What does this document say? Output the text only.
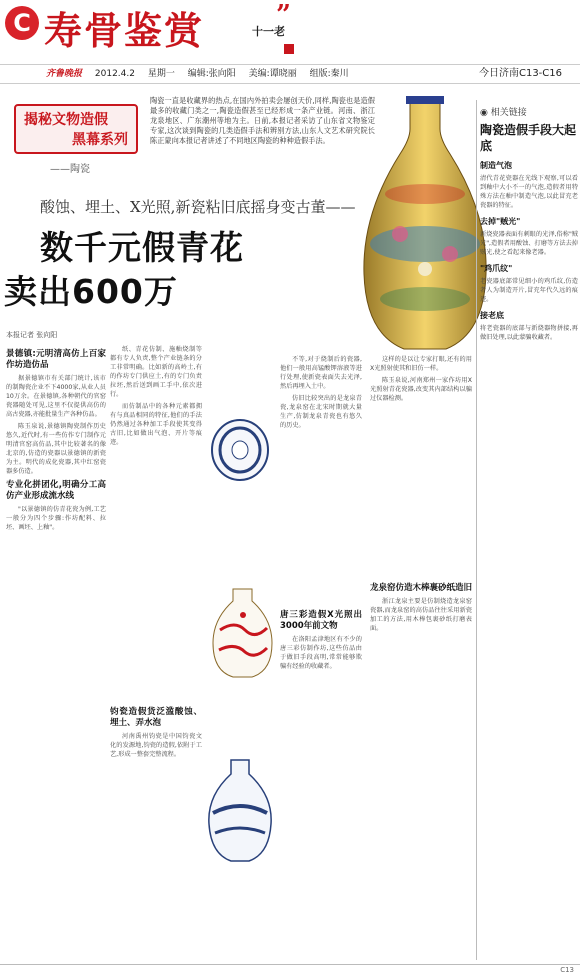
C 寿骨鉴赏	”
十一老
齐鲁晚报 2012.4.2 星期一 编辑:张向阳 美编:谭晓丽 组版:秦川	今日济南C13-C16
揭秘文物造假
黑幕系列
——陶瓷
陶瓷一直是收藏界的热点,在国内外拍卖会屡创天价,同样,陶瓷也是造假最多的收藏门类之一,陶瓷造假甚至已经形成一条产业链。河南、浙江龙泉地区、广东潮州等地为主。日前,本报记者采访了山东省文物鉴定专家,这次谈到陶瓷的几类造假手法和辨别方法,山东人文艺术研究院长陈正蒙向本报记者讲述了不同地区陶瓷的种种造假手法。
酸蚀、埋土、X光照,新瓷粘旧底摇身变古董——
数千元假青花
卖出600万
本报记者 张向阳
景德镇:元明清高仿上百家作坊造仿品

据景德镇市有关部门统计,该市的制陶瓷企业不下4000家,从业人员10万余。在景德镇,各种朝代的官窑瓷器随处可见,这里不仅提供高仿的高古瓷器,亦能批量生产各种仿品。

陈玉泉说,景德镇陶瓷制作历史悠久,近代时,有一些仿作专门制作元明清官窑高仿品,其中比较著名的像北京的,仿造的瓷器以景德镇的新瓷为主。明代的成化瓷器,其中红窑瓷器多仿造。

专业化拼团化,明确分工高仿产业形成流水线

"以景德镇的仿青花瓷为例,工艺一般分为四个步骤:作坊配料、拉坯、画坯、上釉"。

纸、青花仿制、施釉烧制等都有专人负责,整个产业链条的分工非常明确。比如新的高岭土,有的作坊专门供应土,有的专门负责拉坯,然后送到画工手中,依次进行。

而仿制品中的各种元素都拥有与真品相同的特征,他们的手法仍然通过各种加工手段使其变得古旧,比如做出气泡、开片等痕迹。

钧瓷造假货泛滥酸蚀、埋土、弄水泡

河南禹州钧瓷是中国钧瓷文化的发源地,钧瓷的造假,依附于工艺,形成一整套完整流程。

不等,对于烧制后的瓷器,他们一般用高锰酸钾溶液等进行处理,使新瓷表面失去光泽,然后再埋入土中。

仿旧比较突出的是龙泉青瓷,龙泉窑在北宋时期就大量生产,仿制龙泉青瓷也有悠久的历史。

唐三彩造假X光照出3000年前文物

在洛阳孟津地区有不少的唐三彩仿制作坊,这些仿品由于做旧手段高明,常常能够欺骗有经验的收藏者。

这样的是以让专家打眼,还有的用X光照射使其和旧仿一样。

陈玉泉说,河南郑州一家作坊用X光照射青花瓷器,改变其内部结构以骗过仪器检测。

龙泉窑仿造木棒裹砂纸造旧

浙江龙泉主要是仿制烧造龙泉窑瓷器,而龙泉窑的高仿品往往采用新瓷加工的方法,用木棒包裹砂纸打磨表面。

◉ 相关链接
陶瓷造假手段大起底
制造气泡
清代青花瓷器在光线下观察,可以看到釉中大小不一的气泡,造假者用特殊方法在釉中制造气泡,以此冒充老瓷器的特征。
去掉"贼光"
新烧瓷器表面有刺眼的光泽,俗称"贼光",造假者用酸蚀、打磨等方法去掉贼光,使之看起来像老器。
"鸡爪纹"
老瓷器底部常见细小的鸡爪纹,仿造者人为制造开片,冒充年代久远的痕迹。
接老底
将老瓷器的底部与新烧器物拼接,再做旧处理,以此蒙骗收藏者。
C13
